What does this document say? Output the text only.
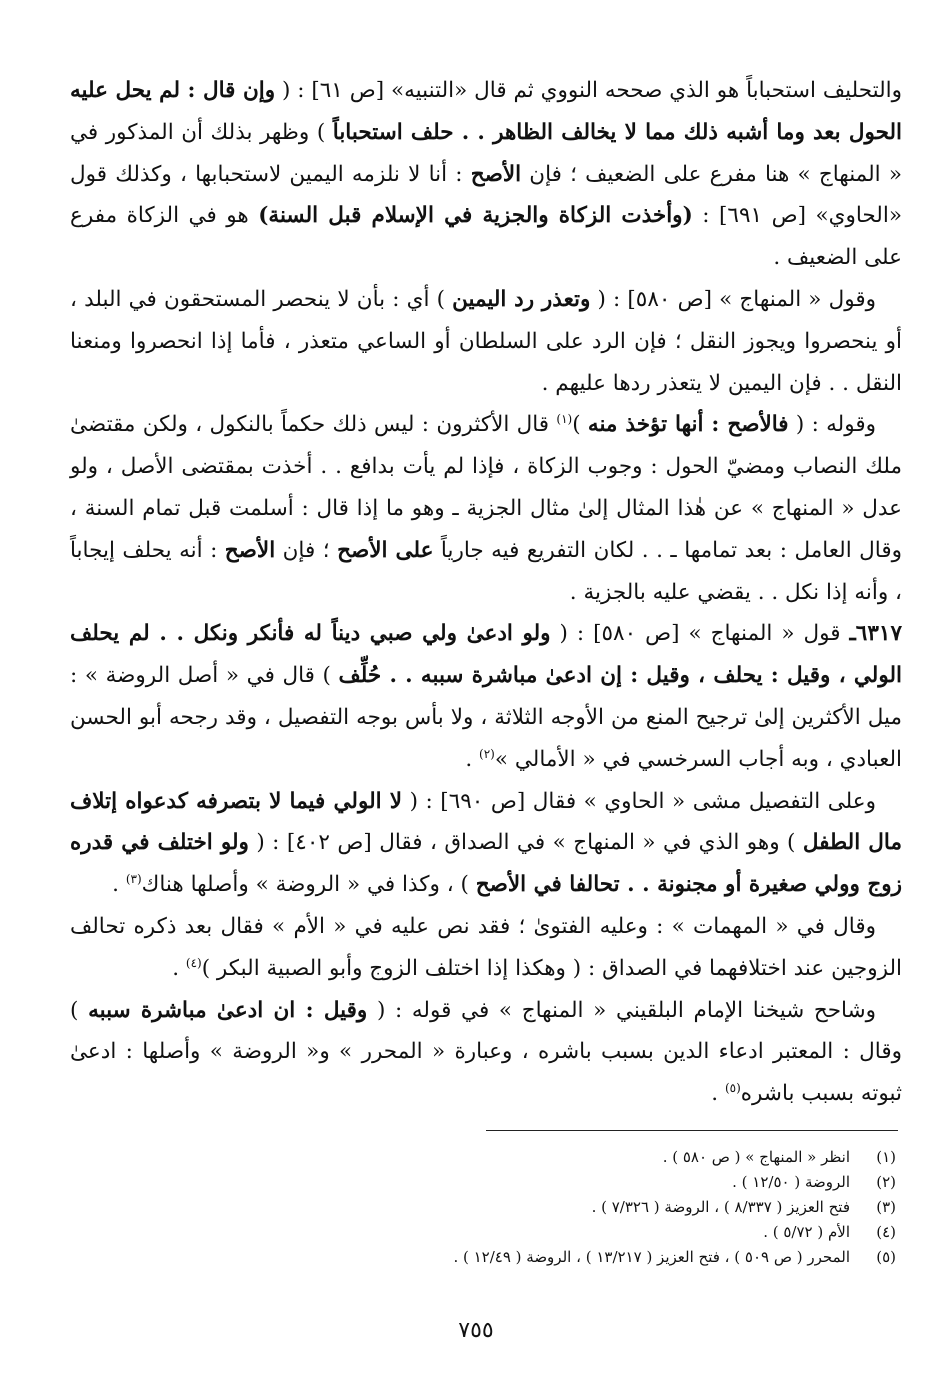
والتحليف استحباباً هو الذي صححه النووي ثم قال «التنبيه» [ص ٦١] : ( وإن قال : لم يحل عليه الحول بعد وما أشبه ذلك مما لا يخالف الظاهر . . حلف استحباباً ) وظهر بذلك أن المذكور في « المنهاج » هنا مفرع على الضعيف ؛ فإن الأصح : أنا لا نلزمه اليمين لاستحبابها ، وكذلك قول «الحاوي» [ص ٦٩١] : (وأخذت الزكاة والجزية في الإسلام قبل السنة) هو في الزكاة مفرع على الضعيف .

وقول « المنهاج » [ص ٥٨٠] : ( وتعذر رد اليمين ) أي : بأن لا ينحصر المستحقون في البلد ، أو ينحصروا ويجوز النقل ؛ فإن الرد على السلطان أو الساعي متعذر ، فأما إذا انحصروا ومنعنا النقل . . فإن اليمين لا يتعذر ردها عليهم .

وقوله : ( فالأصح : أنها تؤخذ منه )$^{(١)}$ قال الأكثرون : ليس ذلك حكماً بالنكول ، ولكن مقتضىٰ ملك النصاب ومضيّ الحول : وجوب الزكاة ، فإذا لم يأت بدافع . . أخذت بمقتضى الأصل ، ولو عدل « المنهاج » عن هٰذا المثال إلىٰ مثال الجزية ـ وهو ما إذا قال : أسلمت قبل تمام السنة ، وقال العامل : بعد تمامها ـ . . لكان التفريع فيه جارياً على الأصح ؛ فإن الأصح : أنه يحلف إيجاباً ، وأنه إذا نكل . . يقضي عليه بالجزية .

٦٣١٧ـ قول « المنهاج » [ص ٥٨٠] : ( ولو ادعىٰ ولي صبي ديناً له فأنكر ونكل . . لم يحلف الولي ، وقيل : يحلف ، وقيل : إن ادعىٰ مباشرة سببه . . حُلِّف ) قال في « أصل الروضة » : ميل الأكثرين إلىٰ ترجيح المنع من الأوجه الثلاثة ، ولا بأس بوجه التفصيل ، وقد رجحه أبو الحسن العبادي ، وبه أجاب السرخسي في « الأمالي »$^{(٢)}$ .

وعلى التفصيل مشى « الحاوي » فقال [ص ٦٩٠] : ( لا الولي فيما لا بتصرفه كدعواه إتلاف مال الطفل ) وهو الذي في « المنهاج » في الصداق ، فقال [ص ٤٠٢] : ( ولو اختلف في قدره زوج وولي صغيرة أو مجنونة . . تحالفا في الأصح ) ، وكذا في « الروضة » وأصلها هناك$^{(٣)}$ .

وقال في « المهمات » : وعليه الفتوىٰ ؛ فقد نص عليه في « الأم » فقال بعد ذكره تحالف الزوجين عند اختلافهما في الصداق : ( وهكذا إذا اختلف الزوج وأبو الصبية البكر )$^{(٤)}$ .

وشاحح شيخنا الإمام البلقيني « المنهاج » في قوله : ( وقيل : ان ادعىٰ مباشرة سببه ) وقال : المعتبر ادعاء الدين بسبب باشره ، وعبارة « المحرر » و« الروضة » وأصلها : ادعىٰ ثبوته بسبب باشره$^{(٥)}$ .

(١)انظر « المنهاج » ( ص ٥٨٠ ) .

(٢)الروضة ( ١٢/٥٠ ) .

(٣)فتح العزيز ( ٨/٣٣٧ ) ، الروضة ( ٧/٣٢٦ ) .

(٤)الأم ( ٥/٧٢ ) .

(٥)المحرر ( ص ٥٠٩ ) ، فتح العزيز ( ١٣/٢١٧ ) ، الروضة ( ١٢/٤٩ ) .

٧٥٥
